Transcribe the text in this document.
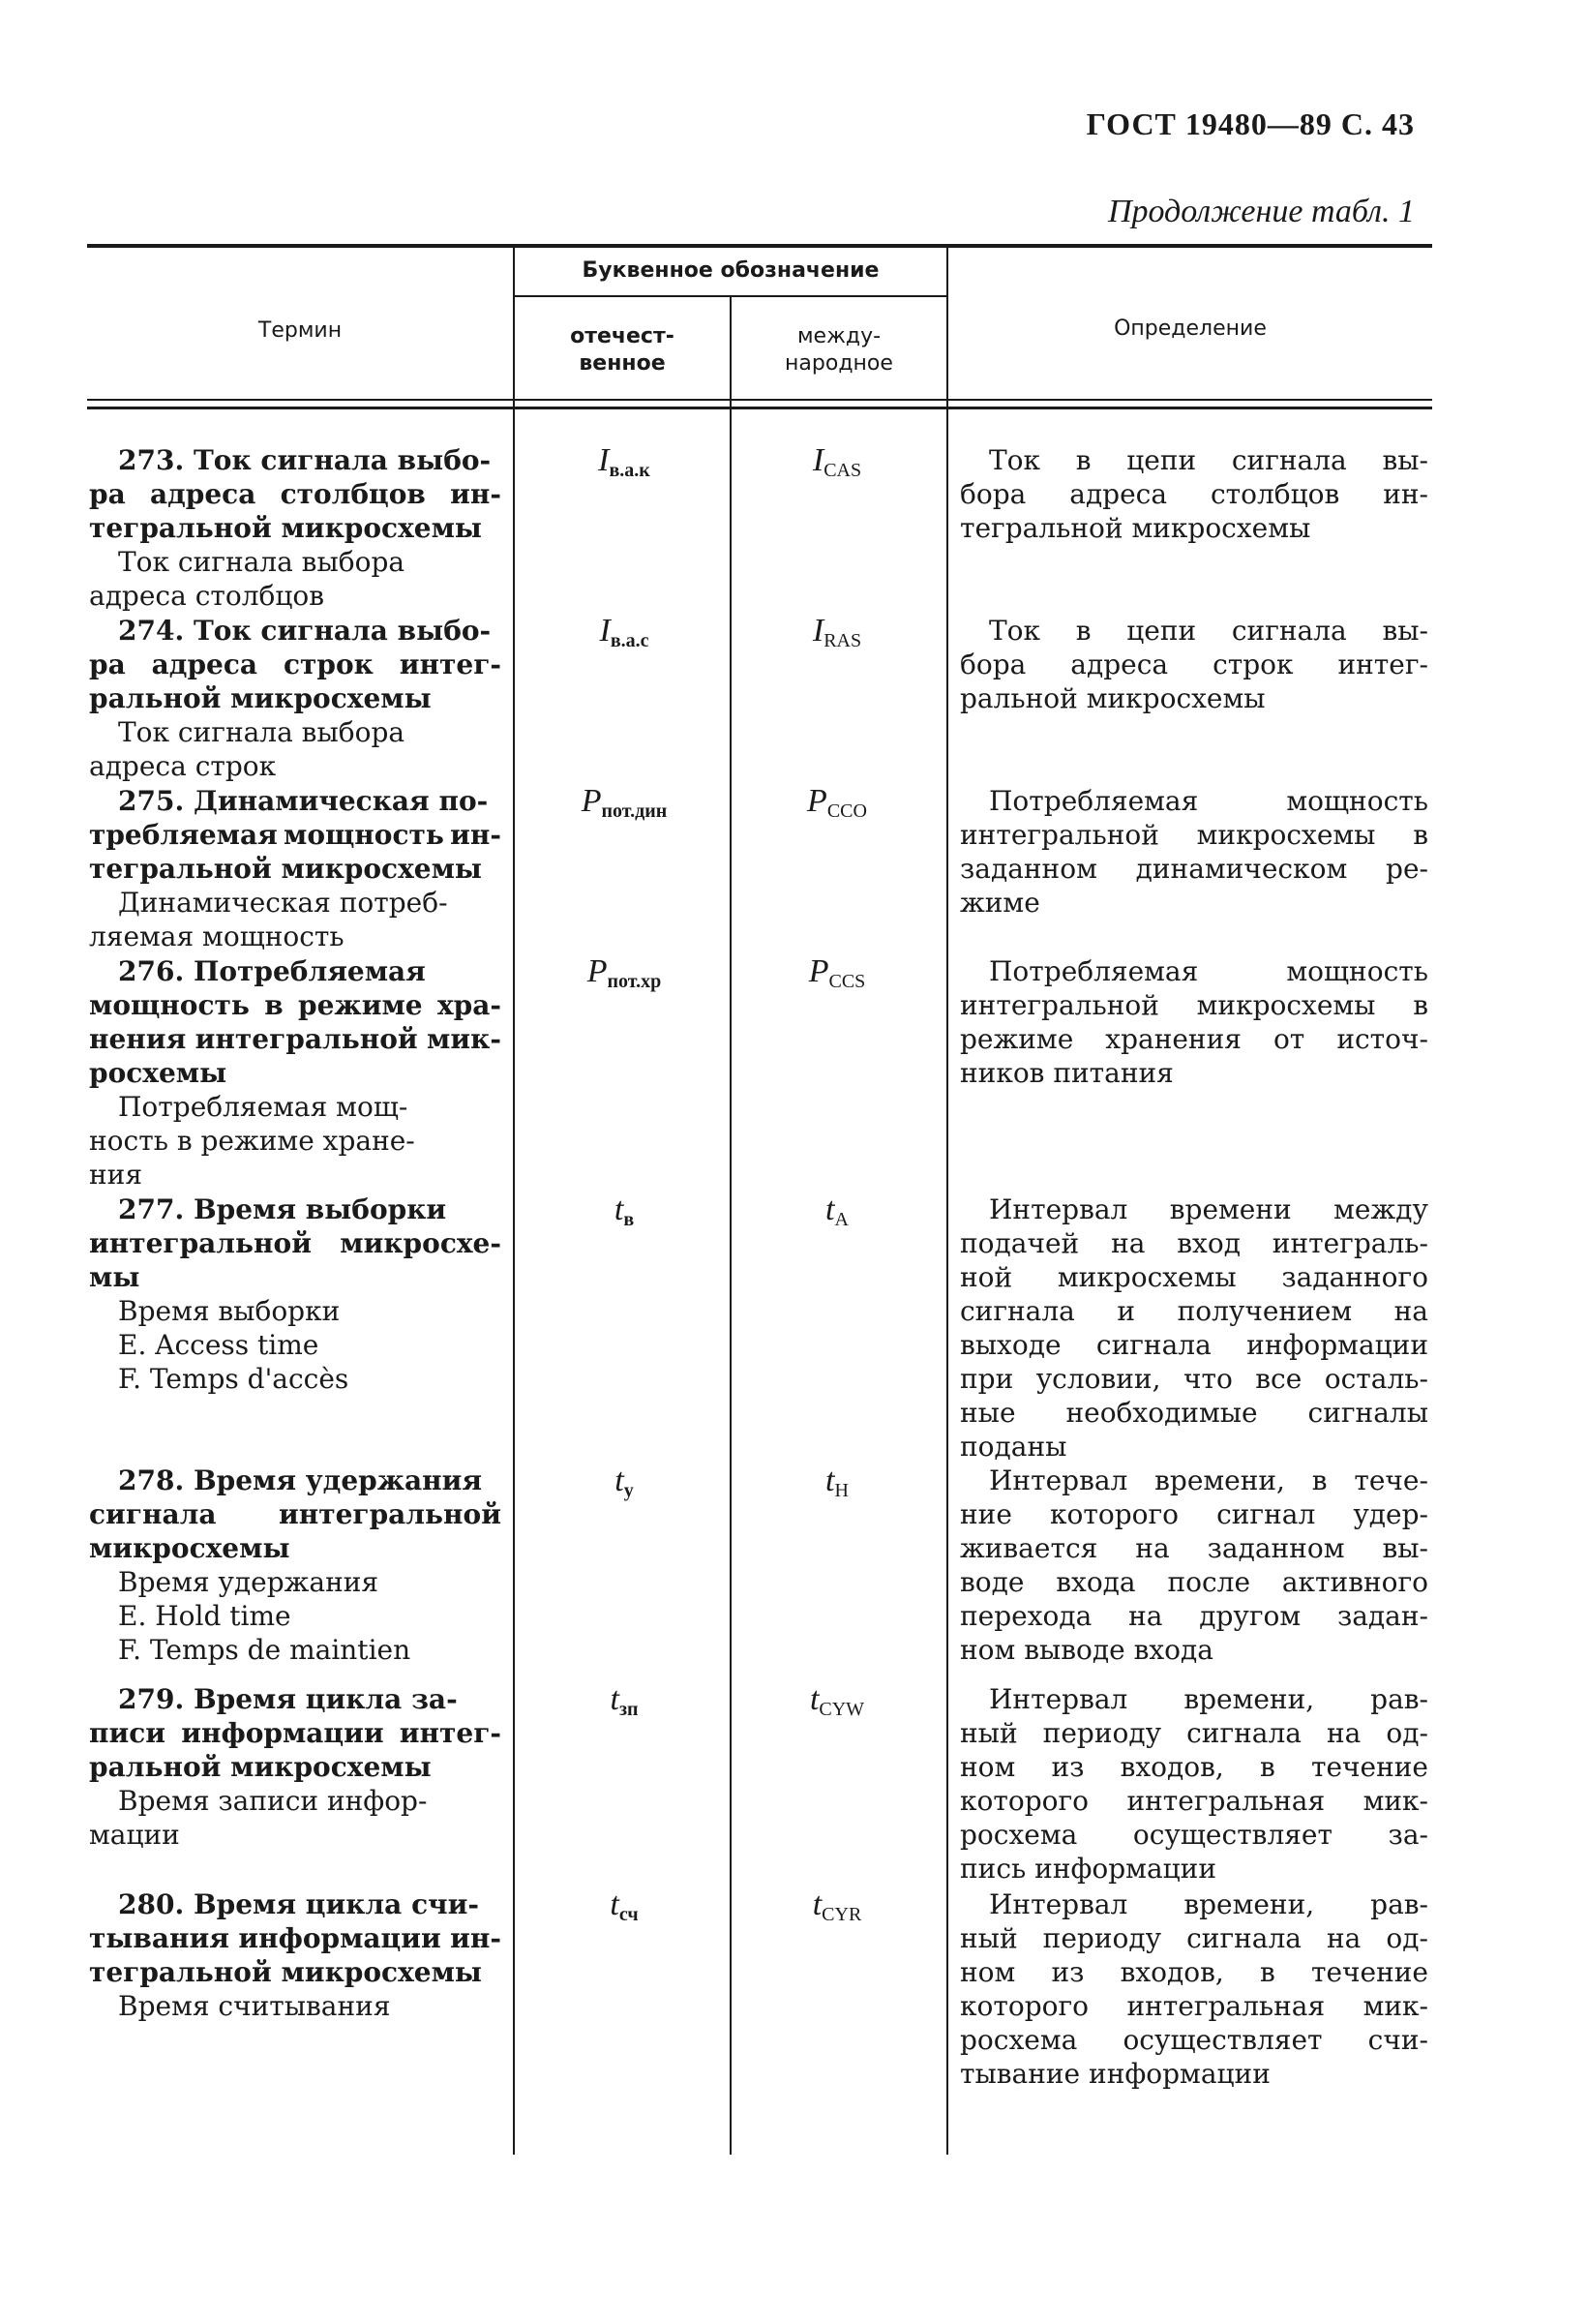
ГОСТ 19480—89 С. 43
Продолжение табл. 1
Термин
Буквенное обозначение
отечест-
венное
между-
народное
Определение
273. Ток сигнала выбо-
ра адреса столбцов ин-
тегральной микросхемы
Ток сигнала выбора
адреса столбцов
$I_{в.а.к}$	$I_{CAS}$	Ток в цепи сигнала вы-
бора адреса столбцов ин-
тегральной микросхемы
274. Ток сигнала выбо-
ра адреса строк интег-
ральной микросхемы
Ток сигнала выбора
адреса строк
$I_{в.а.с}$	$I_{RAS}$	Ток в цепи сигнала вы-
бора адреса строк интег-
ральной микросхемы
275. Динамическая по-
требляемая мощность ин-
тегральной микросхемы
Динамическая потреб-
ляемая мощность
$P_{пот.дин}$	$P_{CCO}$	Потребляемая	мощность
интегральной микросхемы в
заданном динамическом ре-
жиме
276. Потребляемая
мощность в режиме хра-
нения интегральной мик-
росхемы
Потребляемая мощ-
ность в режиме хране-
ния
$P_{пот.хр}$	$P_{CCS}$	Потребляемая	мощность
интегральной микросхемы в
режиме хранения от источ-
ников питания
277. Время выборки
интегральной микросхе-
мы
Время выборки
E. Access time
F. Temps d'accès
$t_в$	$t_A$	Интервал времени между
подачей на вход интеграль-
ной микросхемы заданного
сигнала и получением на
выходе сигнала информации
при условии, что все осталь-
ные необходимые сигналы
поданы
278. Время удержания
сигнала интегральной
микросхемы
Время удержания
E. Hold time
F. Temps de maintien
$t_у$	$t_H$	Интервал времени, в тече-
ние которого сигнал удер-
живается на заданном вы-
воде входа после активного
перехода на другом задан-
ном выводе входа
279. Время цикла за-
писи информации интег-
ральной микросхемы
Время записи инфор-
мации
$t_{зп}$	$t_{CYW}$	Интервал времени, рав-
ный периоду сигнала на од-
ном из входов, в течение
которого интегральная мик-
росхема осуществляет за-
пись информации
280. Время цикла счи-
тывания информации ин-
тегральной микросхемы
Время считывания
$t_{сч}$	$t_{CYR}$	Интервал времени, рав-
ный периоду сигнала на од-
ном из входов, в течение
которого интегральная мик-
росхема осуществляет счи-
тывание информации
